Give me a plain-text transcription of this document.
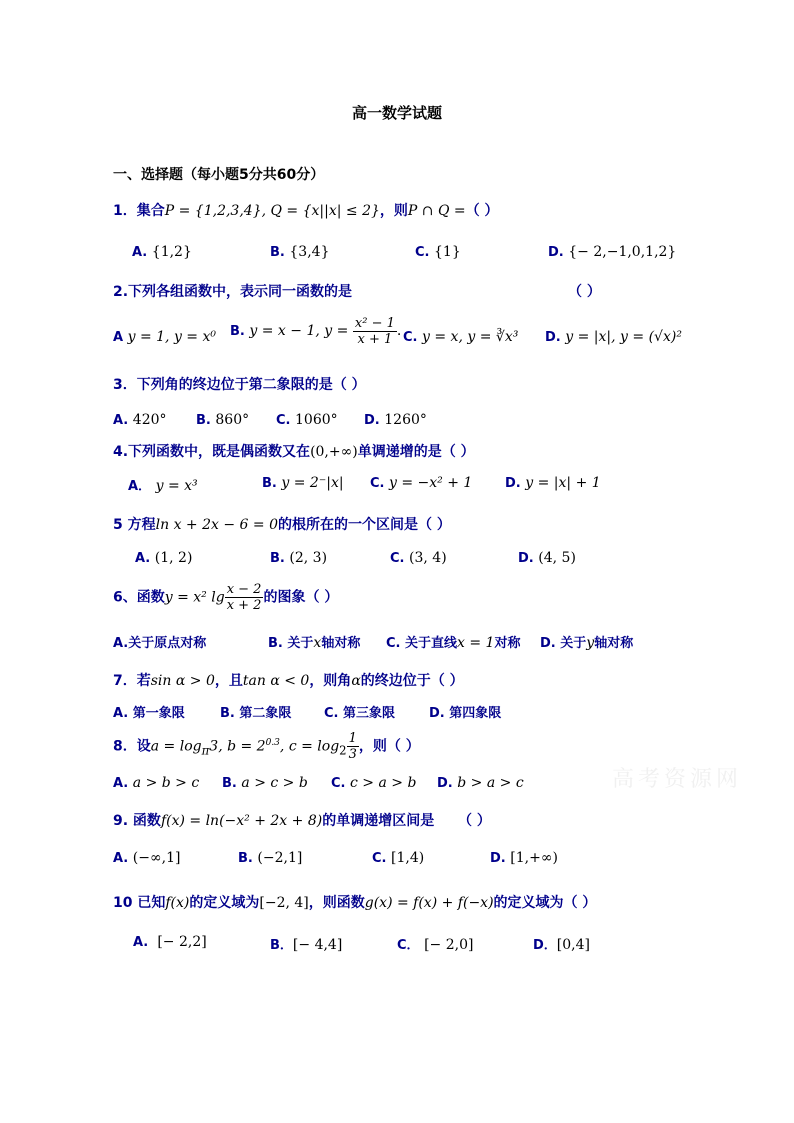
高一数学试题
一、选择题（每小题5分共60分）
1．集合P = {1,2,3,4}, Q = {x||x| ≤ 2}，则P ∩ Q =（ ）
A. {1,2}	B. {3,4}	C. {1}	D. {− 2,−1,0,1,2}
2.下列各组函数中，表示同一函数的是	（ ）
A y = 1, y = x⁰ B. y = x − 1, $y = \frac{\text{x² − 1}}{x + 1}$ . C. y = x, y = ∛x³ D. y = |x|, y = (√x)²
3．下列角的终边位于第二象限的是（ ）
A. 420° B. 860° C. 1060° D. 1260°
4.下列函数中，既是偶函数又在(0,+∞)单调递增的是（ ）
A． y = x³	B. y = 2⁻|x| C. y = −x² + 1	D. y = |x| + 1
5 方程ln x + 2x − 6 = 0的根所在的一个区间是（ ）
A. (1, 2)	B. (2, 3)	C. (3, 4)	D. (4, 5)
6、函数y = x² $\lg \frac{x - 2}{x + 2}$ 的图象（ ）
A.关于原点对称	B. 关于x轴对称 C. 关于直线x = 1对称 D. 关于y轴对称
7．若sin α > 0，且tan α < 0，则角α的终边位于（ ）
A. 第一象限	B. 第二象限	C. 第三象限	D. 第四象限
8．设$a = \log_\pi 3$, $b = 2^{0.3}$, $c = \log_2 \frac{1}{3}$ ，则（ ）
A. a > b > c B. a > c > b C. c > a > b D. b > a > c
9. 函数f(x) = ln(−x² + 2x + 8)的单调递增区间是 （ ）
A. (−∞,1]	B. (−2,1]	C. [1,4)	D. [1,+∞)
10 已知f(x)的定义域为[−2, 4]，则函数g(x) = f(x) + f(−x)的定义域为（ ）
A. [− 2,2]	B．[− 4,4]	C． [− 2,0]	D．[0,4]
高考资源网
